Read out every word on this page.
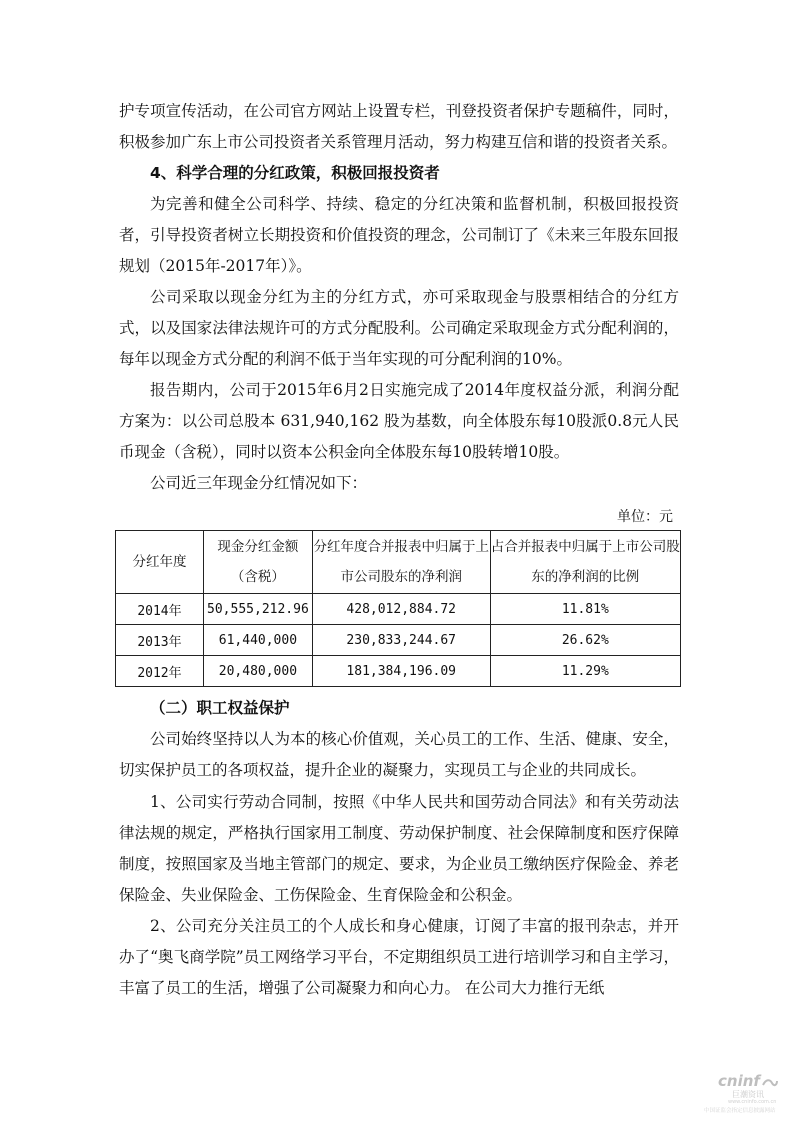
护专项宣传活动，在公司官方网站上设置专栏，刊登投资者保护专题稿件，同时，积极参加广东上市公司投资者关系管理月活动，努力构建互信和谐的投资者关系。

4、科学合理的分红政策，积极回报投资者

为完善和健全公司科学、持续、稳定的分红决策和监督机制，积极回报投资者，引导投资者树立长期投资和价值投资的理念，公司制订了《未来三年股东回报规划（2015年-2017年）》。

公司采取以现金分红为主的分红方式，亦可采取现金与股票相结合的分红方式，以及国家法律法规许可的方式分配股利。公司确定采取现金方式分配利润的，每年以现金方式分配的利润不低于当年实现的可分配利润的10%。

报告期内，公司于2015年6月2日实施完成了2014年度权益分派，利润分配方案为：以公司总股本 631,940,162 股为基数，向全体股东每10股派0.8元人民币现金（含税），同时以资本公积金向全体股东每10股转增10股。

公司近三年现金分红情况如下：

单位：元
分红年度	现金分红金额（含税）	分红年度合并报表中归属于上市公司股东的净利润	占合并报表中归属于上市公司股东的净利润的比例
2014年	50,555,212.96	428,012,884.72	11.81%
2013年	61,440,000	230,833,244.67	26.62%
2012年	20,480,000	181,384,196.09	11.29%

（二）职工权益保护

公司始终坚持以人为本的核心价值观，关心员工的工作、生活、健康、安全，切实保护员工的各项权益，提升企业的凝聚力，实现员工与企业的共同成长。

1、公司实行劳动合同制，按照《中华人民共和国劳动合同法》和有关劳动法律法规的规定，严格执行国家用工制度、劳动保护制度、社会保障制度和医疗保障制度，按照国家及当地主管部门的规定、要求，为企业员工缴纳医疗保险金、养老保险金、失业保险金、工伤保险金、生育保险金和公积金。

2、公司充分关注员工的个人成长和身心健康，订阅了丰富的报刊杂志，并开办了“奥飞商学院”员工网络学习平台，不定期组织员工进行培训学习和自主学习，丰富了员工的生活，增强了公司凝聚力和向心力。 在公司大力推行无纸

cninf
巨潮资讯
www.cninfo.com.cn
中国证监会指定信息披露网站
